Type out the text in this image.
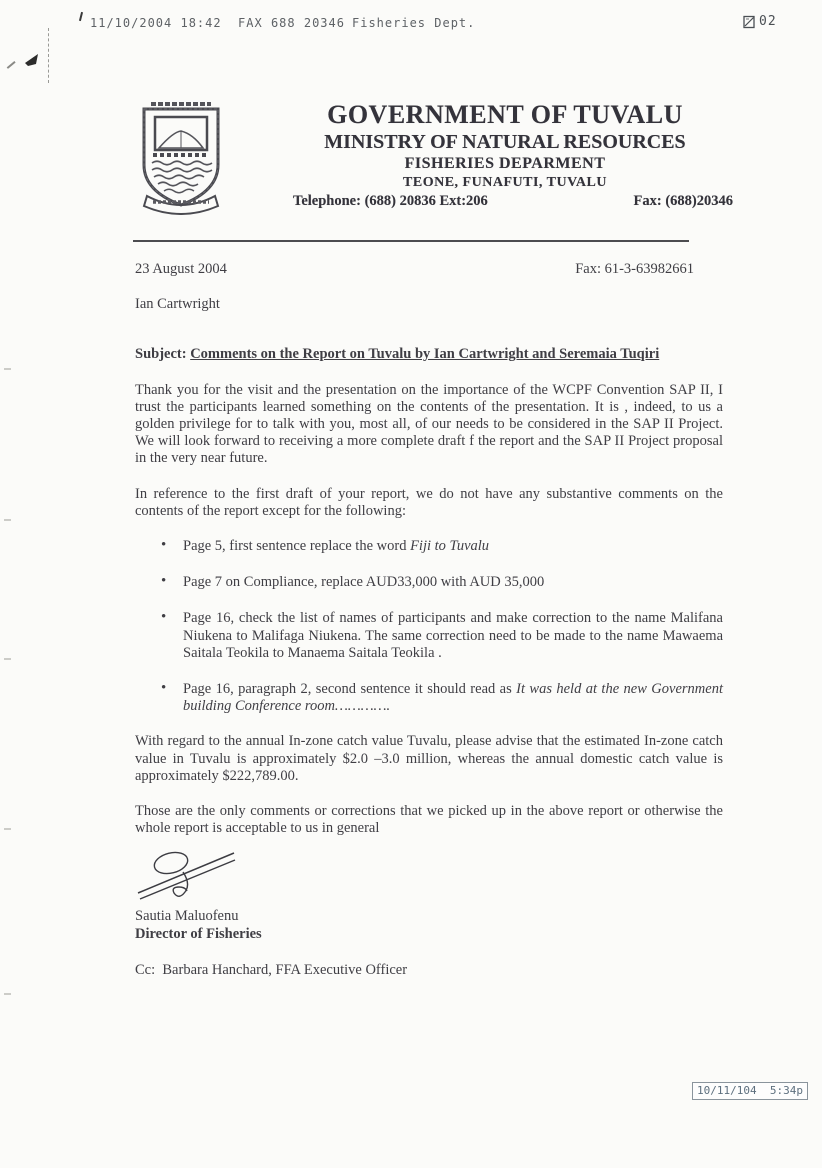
11/10/2004 18:42  FAX 688 20346

Fisheries Dept.

	02

GOVERNMENT OF TUVALU
MINISTRY OF NATURAL RESOURCES
FISHERIES DEPARMENT
TEONE, FUNAFUTI, TUVALU
Telephone: (688) 20836 Ext:206	Fax: (688)20346
23 August 2004	Fax: 61-3-63982661
Ian Cartwright
Subject: Comments on the Report on Tuvalu by Ian Cartwright and Seremaia Tuqiri

Thank you for the visit and the presentation on the importance of the WCPF Convention SAP II, I trust the participants learned something on the contents of the presentation. It is , indeed, to us a golden privilege for to talk with you, most all, of our needs to be considered in the SAP II Project. We will look forward to receiving a more complete draft f the report and the SAP II Project proposal in the very near future.

In reference to the first draft of your report, we do not have any substantive comments on the contents of the report except for the following:

• Page 5, first sentence replace the word Fiji to Tuvalu
• Page 7 on Compliance, replace AUD33,000 with AUD 35,000
• Page 16, check the list of names of participants and make correction to the name Malifana Niukena to Malifaga Niukena. The same correction need to be made to the name Mawaema Saitala Teokila to Manaema Saitala Teokila .
• Page 16, paragraph 2, second sentence it should read as It was held at the new Government building Conference room………….

With regard to the annual In-zone catch value Tuvalu, please advise that the estimated In-zone catch value in Tuvalu is approximately $2.0 –3.0 million, whereas the annual domestic catch value is approximately $222,789.00.

Those are the only comments or corrections that we picked up in the above report or otherwise the whole report is acceptable to us in general

Sautia Maluofenu
Director of Fisheries
Cc:  Barbara Hanchard, FFA Executive Officer
10/11/104  5:34p
